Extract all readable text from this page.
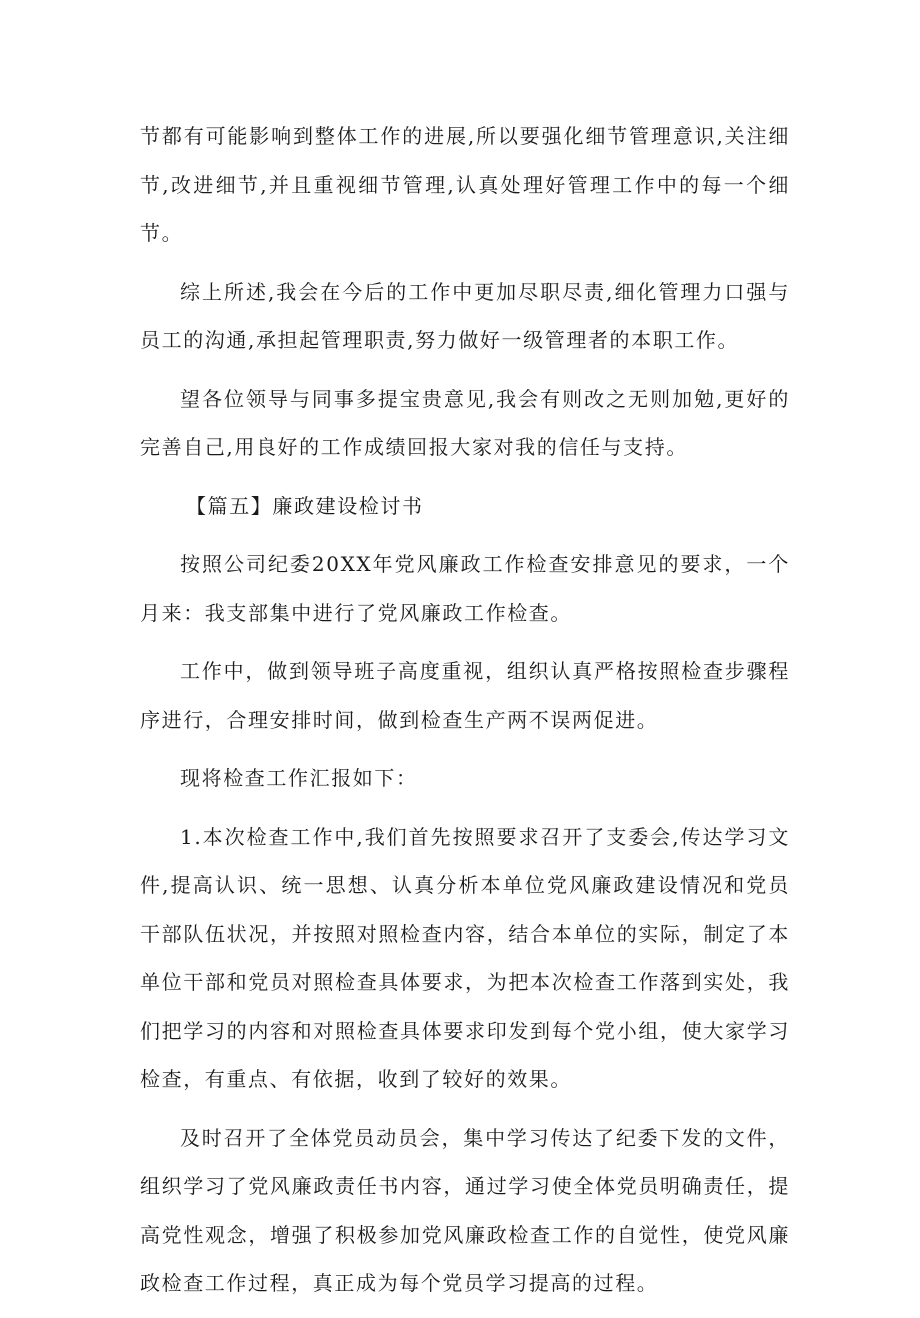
节都有可能影响到整体工作的进展,所以要强化细节管理意识,关注细节,改进细节,并且重视细节管理,认真处理好管理工作中的每一个细节。

综上所述,我会在今后的工作中更加尽职尽责,细化管理力口强与员工的沟通,承担起管理职责,努力做好一级管理者的本职工作。

望各位领导与同事多提宝贵意见,我会有则改之无则加勉,更好的完善自己,用良好的工作成绩回报大家对我的信任与支持。

【篇五】廉政建设检讨书

按照公司纪委20XX年党风廉政工作检查安排意见的要求，一个月来：我支部集中进行了党风廉政工作检查。

工作中，做到领导班子高度重视，组织认真严格按照检查步骤程序进行，合理安排时间，做到检查生产两不误两促进。

现将检查工作汇报如下：

1.本次检查工作中,我们首先按照要求召开了支委会,传达学习文件,提高认识、统一思想、认真分析本单位党风廉政建设情况和党员干部队伍状况，并按照对照检查内容，结合本单位的实际，制定了本单位干部和党员对照检查具体要求，为把本次检查工作落到实处，我们把学习的内容和对照检查具体要求印发到每个党小组，使大家学习检查，有重点、有依据，收到了较好的效果。

及时召开了全体党员动员会，集中学习传达了纪委下发的文件，组织学习了党风廉政责任书内容，通过学习使全体党员明确责任，提高党性观念，增强了积极参加党风廉政检查工作的自觉性，使党风廉政检查工作过程，真正成为每个党员学习提高的过程。
